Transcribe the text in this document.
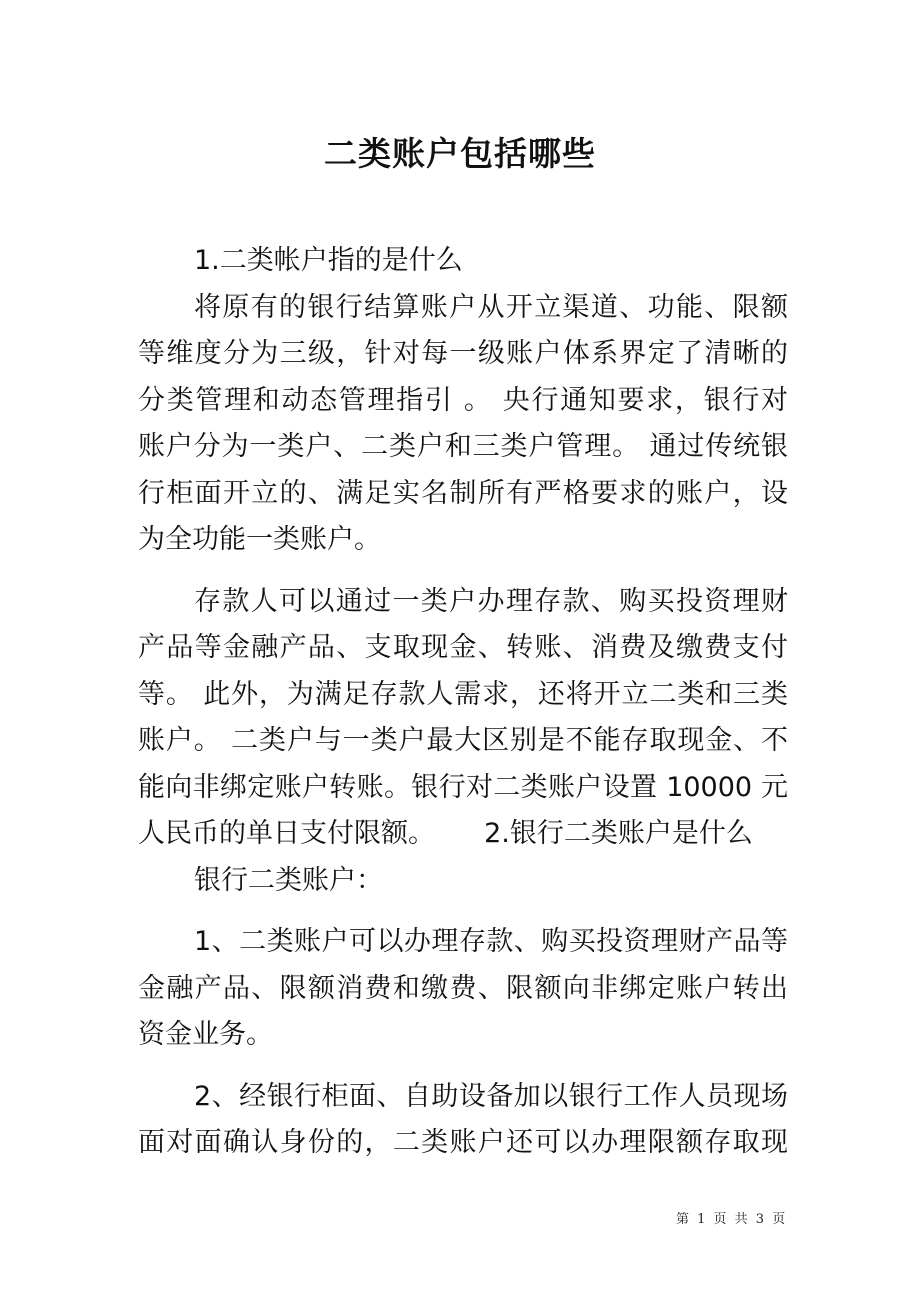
二类账户包括哪些
1.二类帐户指的是什么
将原有的银行结算账户从开立渠道、功能、限额
等维度分为三级，针对每一级账户体系界定了清晰的
分类管理和动态管理指引 。 央行通知要求，银行对
账户分为一类户、二类户和三类户管理。 通过传统银
行柜面开立的、满足实名制所有严格要求的账户，设
为全功能一类账户。
存款人可以通过一类户办理存款、购买投资理财
产品等金融产品、支取现金、转账、消费及缴费支付
等。 此外，为满足存款人需求，还将开立二类和三类
账户。 二类户与一类户最大区别是不能存取现金、不
能向非绑定账户转账。银行对二类账户设置 10000 元
人民币的单日支付限额。　　 2.银行二类账户是什么
银行二类账户：
1、二类账户可以办理存款、购买投资理财产品等
金融产品、限额消费和缴费、限额向非绑定账户转出
资金业务。
2、经银行柜面、自助设备加以银行工作人员现场
面对面确认身份的，二类账户还可以办理限额存取现
第 1 页 共 3 页
